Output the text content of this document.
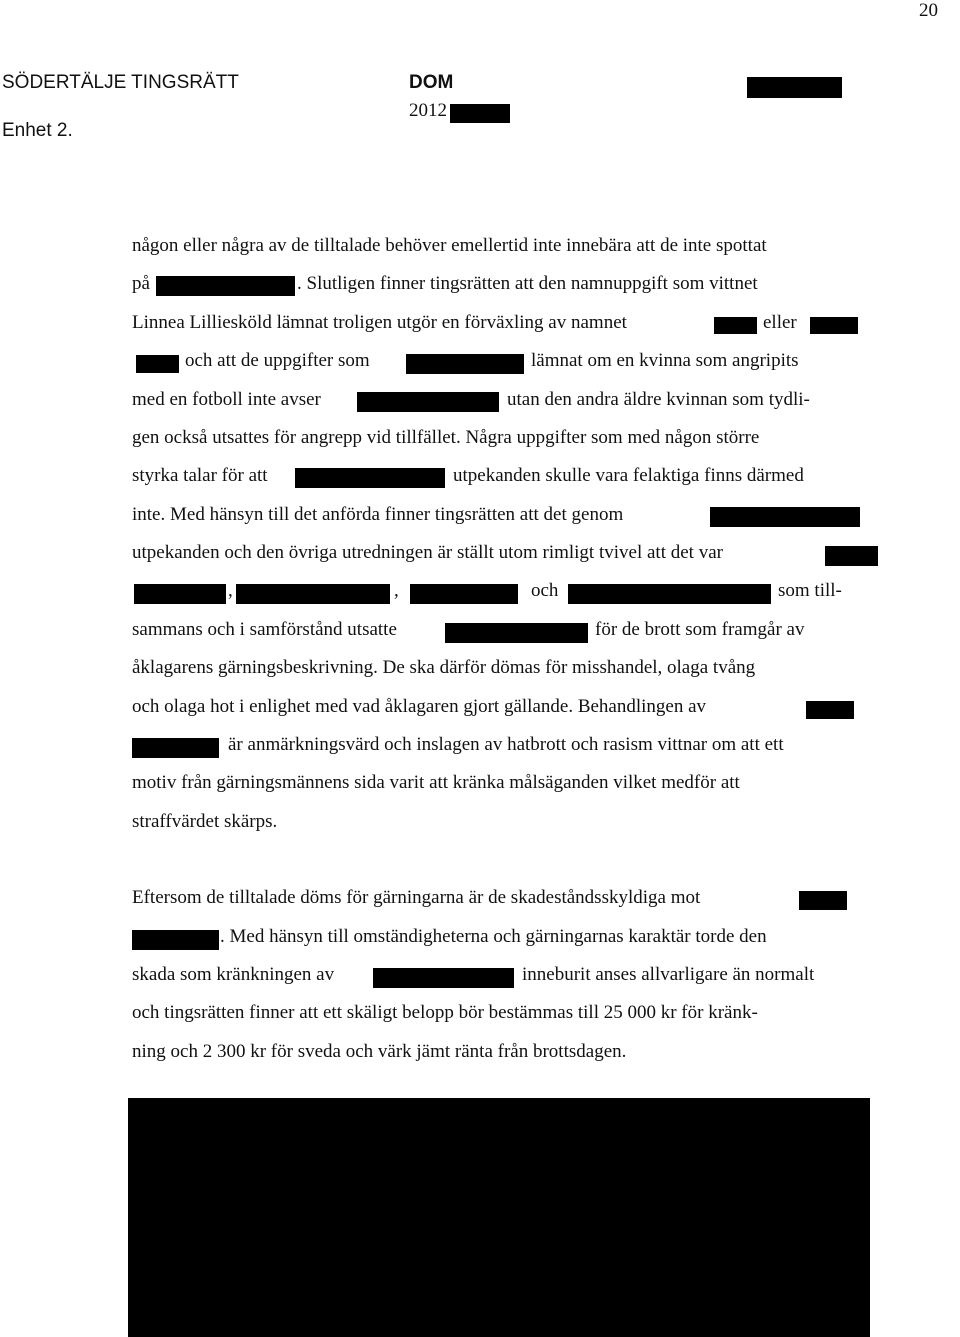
20
SÖDERTÄLJE TINGSRÄTT
Enhet 2.
DOM
2012
någon eller några av de tilltalade behöver emellertid inte innebära att de inte spottat
på	. Slutligen finner tingsrätten att den namnuppgift som vittnet
Linnea Lilliesköld lämnat troligen utgör en förväxling av namnet	eller
och att de uppgifter som	lämnat om en kvinna som angripits
med en fotboll inte avser	utan den andra äldre kvinnan som tydli-
gen också utsattes för angrepp vid tillfället. Några uppgifter som med någon större
styrka talar för att	utpekanden skulle vara felaktiga finns därmed
inte. Med hänsyn till det anförda finner tingsrätten att det genom
utpekanden och den övriga utredningen är ställt utom rimligt tvivel att det var
,	,	och	som till-
sammans och i samförstånd utsatte	för de brott som framgår av
åklagarens gärningsbeskrivning. De ska därför dömas för misshandel, olaga tvång
och olaga hot i enlighet med vad åklagaren gjort gällande. Behandlingen av
är anmärkningsvärd och inslagen av hatbrott och rasism vittnar om att ett
motiv från gärningsmännens sida varit att kränka målsäganden vilket medför att
straffvärdet skärps.
Eftersom de tilltalade döms för gärningarna är de skadeståndsskyldiga mot
. Med hänsyn till omständigheterna och gärningarnas karaktär torde den
skada som kränkningen av	inneburit anses allvarligare än normalt
och tingsrätten finner att ett skäligt belopp bör bestämmas till 25 000 kr för kränk-
ning och 2 300 kr för sveda och värk jämt ränta från brottsdagen.
